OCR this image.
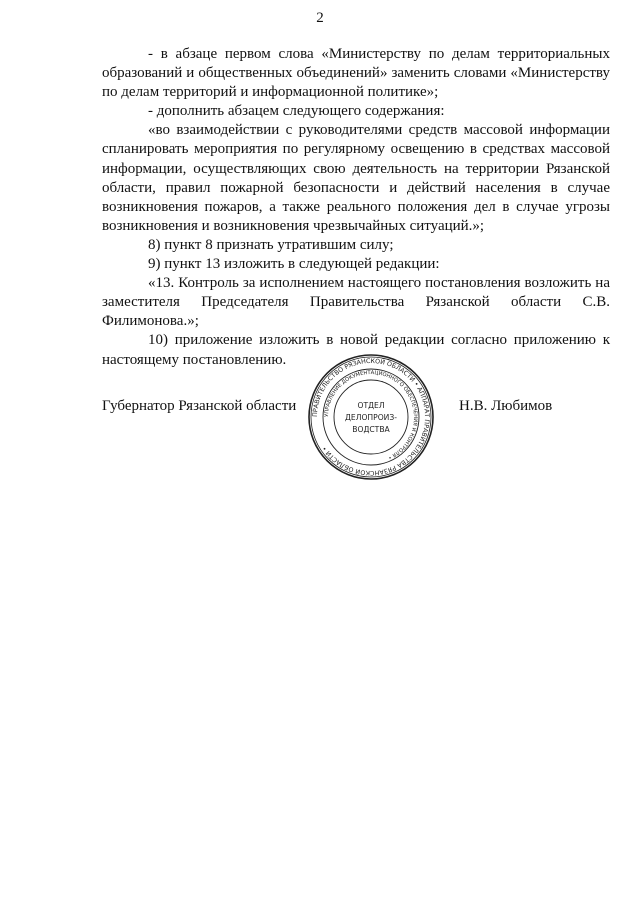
2

- в абзаце первом слова «Министерству по делам территориальных образований и общественных объединений» заменить словами «Министерству по делам территорий и информационной политике»;

- дополнить абзацем следующего содержания:

«во взаимодействии с руководителями средств массовой информации спланировать мероприятия по регулярному освещению в средствах массовой информации, осуществляющих свою деятельность на территории Рязанской области, правил пожарной безопасности и действий населения в случае возникновения пожаров, а также реального положения дел в случае угрозы возникновения и возникновения чрезвычайных ситуаций.»;

8) пункт 8 признать утратившим силу;

9) пункт 13 изложить в следующей редакции:

«13. Контроль за исполнением настоящего постановления возложить на заместителя Председателя Правительства Рязанской области С.В. Филимонова.»;

10) приложение изложить в новой редакции согласно приложению к настоящему постановлению.

Губернатор Рязанской области	Н.В. Любимов
ПРАВИТЕЛЬСТВО РЯЗАНСКОЙ ОБЛАСТИ • АППАРАТ ПРАВИТЕЛЬСТВА РЯЗАНСКОЙ ОБЛАСТИ •
УПРАВЛЕНИЕ ДОКУМЕНТАЦИОННОГО ОБЕСПЕЧЕНИЯ И КОНТРОЛЯ •
ОТДЕЛ
ДЕЛОПРОИЗ-
ВОДСТВА
